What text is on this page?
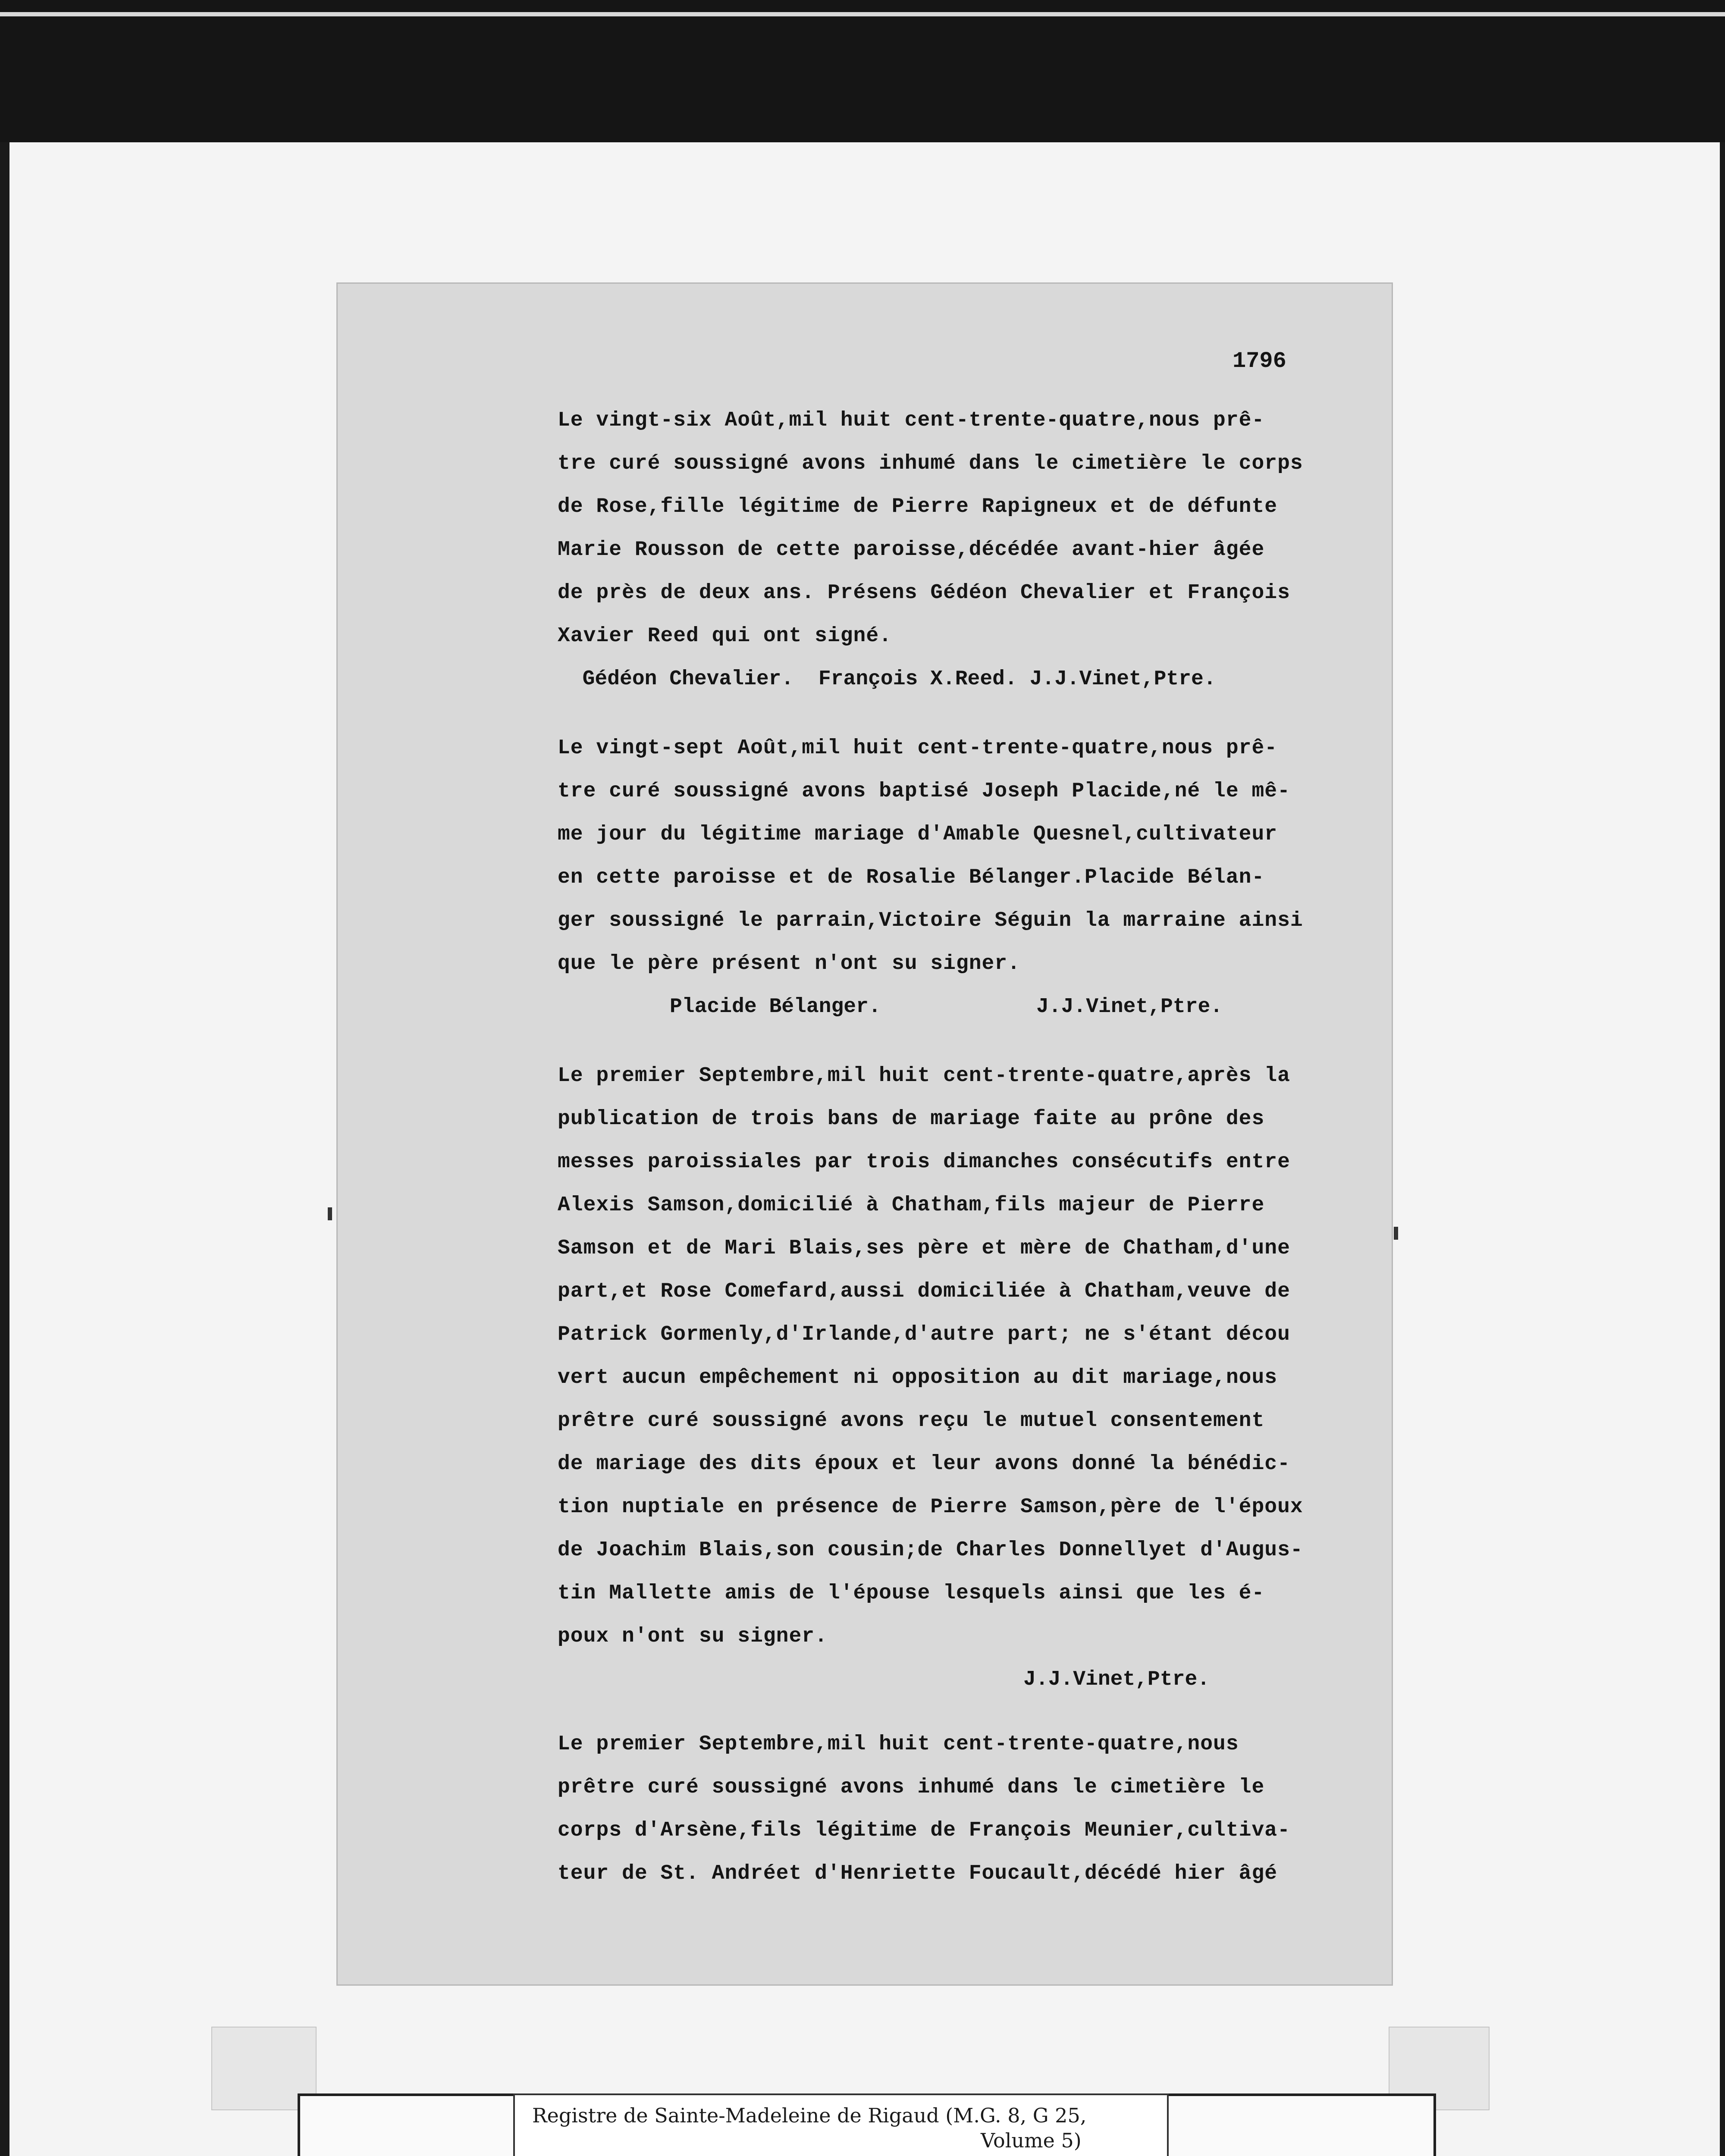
1796
Le vingt-six Août,mil huit cent-trente-quatre,nous prê-
tre curé soussigné avons inhumé dans le cimetière le corps
de Rose,fille légitime de Pierre Rapigneux et de défunte
Marie Rousson de cette paroisse,décédée avant-hier âgée
de près de deux ans. Présens Gédéon Chevalier et François
Xavier Reed qui ont signé.
Gédéon Chevalier.  François X.Reed. J.J.Vinet,Ptre.
Le vingt-sept Août,mil huit cent-trente-quatre,nous prê-
tre curé soussigné avons baptisé Joseph Placide,né le mê-
me jour du légitime mariage d'Amable Quesnel,cultivateur
en cette paroisse et de Rosalie Bélanger.Placide Bélan-
ger soussigné le parrain,Victoire Séguin la marraine ainsi
que le père présent n'ont su signer.
Placide Bélanger.	J.J.Vinet,Ptre.
Le premier Septembre,mil huit cent-trente-quatre,après la
publication de trois bans de mariage faite au prône des
messes paroissiales par trois dimanches consécutifs entre
Alexis Samson,domicilié à Chatham,fils majeur de Pierre
Samson et de Mari Blais,ses père et mère de Chatham,d'une
part,et Rose Comefard,aussi domiciliée à Chatham,veuve de
Patrick Gormenly,d'Irlande,d'autre part; ne s'étant décou
vert aucun empêchement ni opposition au dit mariage,nous
prêtre curé soussigné avons reçu le mutuel consentement
de mariage des dits époux et leur avons donné la bénédic-
tion nuptiale en présence de Pierre Samson,père de l'époux
de Joachim Blais,son cousin;de Charles Donnellyet d'Augus-
tin Mallette amis de l'épouse lesquels ainsi que les é-
poux n'ont su signer.
J.J.Vinet,Ptre.
Le premier Septembre,mil huit cent-trente-quatre,nous
prêtre curé soussigné avons inhumé dans le cimetière le
corps d'Arsène,fils légitime de François Meunier,cultiva-
teur de St. Andréet d'Henriette Foucault,décédé hier âgé
Registre de Sainte-Madeleine de Rigaud (M.G. 8, G 25,
Volume 5)
